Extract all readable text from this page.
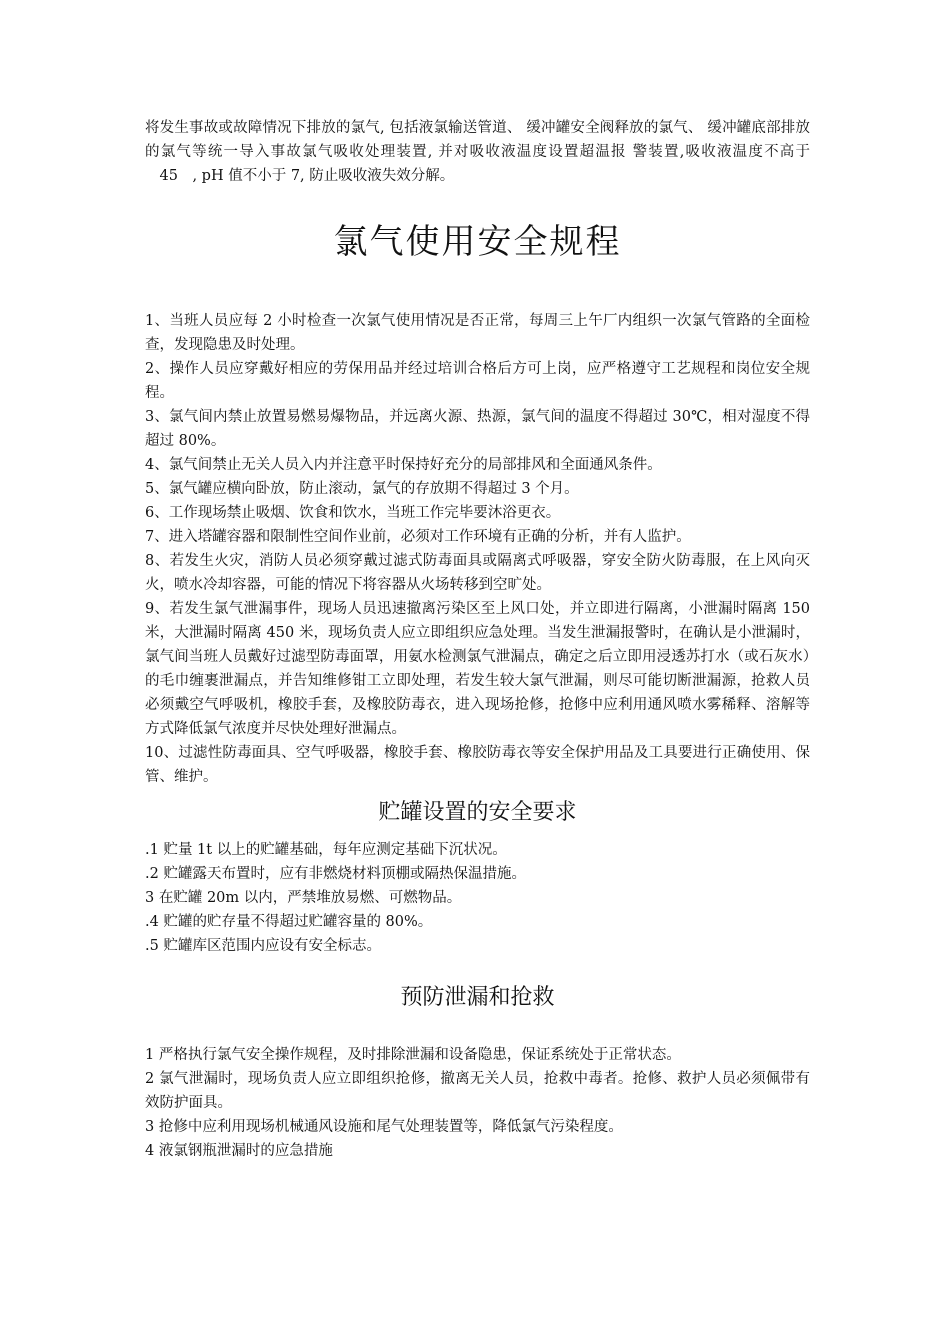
将发生事故或故障情况下排放的氯气, 包括液氯输送管道、 缓冲罐安全阀释放的氯气、 缓冲罐底部排放的氯气等统一导入事故氯气吸收处理装置, 并对吸收液温度设置超温报 警装置,吸收液温度不高于 　45　, pH 值不小于 7, 防止吸收液失效分解。

氯气使用安全规程

1、当班人员应每 2 小时检查一次氯气使用情况是否正常，每周三上午厂内组织一次氯气管路的全面检查，发现隐患及时处理。

2、操作人员应穿戴好相应的劳保用品并经过培训合格后方可上岗，应严格遵守工艺规程和岗位安全规程。

3、氯气间内禁止放置易燃易爆物品，并远离火源、热源，氯气间的温度不得超过 30℃，相对湿度不得超过 80%。

4、氯气间禁止无关人员入内并注意平时保持好充分的局部排风和全面通风条件。

5、氯气罐应横向卧放，防止滚动，氯气的存放期不得超过 3 个月。

6、工作现场禁止吸烟、饮食和饮水，当班工作完毕要沐浴更衣。

7、进入塔罐容器和限制性空间作业前，必须对工作环境有正确的分析，并有人监护。

8、若发生火灾，消防人员必须穿戴过滤式防毒面具或隔离式呼吸器，穿安全防火防毒服，在上风向灭火，喷水冷却容器，可能的情况下将容器从火场转移到空旷处。

9、若发生氯气泄漏事件，现场人员迅速撤离污染区至上风口处，并立即进行隔离，小泄漏时隔离 150 米，大泄漏时隔离 450 米，现场负责人应立即组织应急处理。当发生泄漏报警时，在确认是小泄漏时，氯气间当班人员戴好过滤型防毒面罩，用氨水检测氯气泄漏点，确定之后立即用浸透苏打水（或石灰水）的毛巾缠裹泄漏点，并告知维修钳工立即处理，若发生较大氯气泄漏，则尽可能切断泄漏源，抢救人员必须戴空气呼吸机，橡胶手套，及橡胶防毒衣，进入现场抢修，抢修中应利用通风喷水雾稀释、溶解等方式降低氯气浓度并尽快处理好泄漏点。

10、过滤性防毒面具、空气呼吸器，橡胶手套、橡胶防毒衣等安全保护用品及工具要进行正确使用、保管、维护。

贮罐设置的安全要求

.1 贮量 1t 以上的贮罐基础，每年应测定基础下沉状况。

.2 贮罐露天布置时，应有非燃烧材料顶棚或隔热保温措施。

3 在贮罐 20m 以内，严禁堆放易燃、可燃物品。

.4 贮罐的贮存量不得超过贮罐容量的 80%。

.5 贮罐库区范围内应设有安全标志。

预防泄漏和抢救

1 严格执行氯气安全操作规程，及时排除泄漏和设备隐患，保证系统处于正常状态。

2 氯气泄漏时，现场负责人应立即组织抢修，撤离无关人员，抢救中毒者。抢修、救护人员必须佩带有效防护面具。

3 抢修中应利用现场机械通风设施和尾气处理装置等，降低氯气污染程度。

4 液氯钢瓶泄漏时的应急措施
